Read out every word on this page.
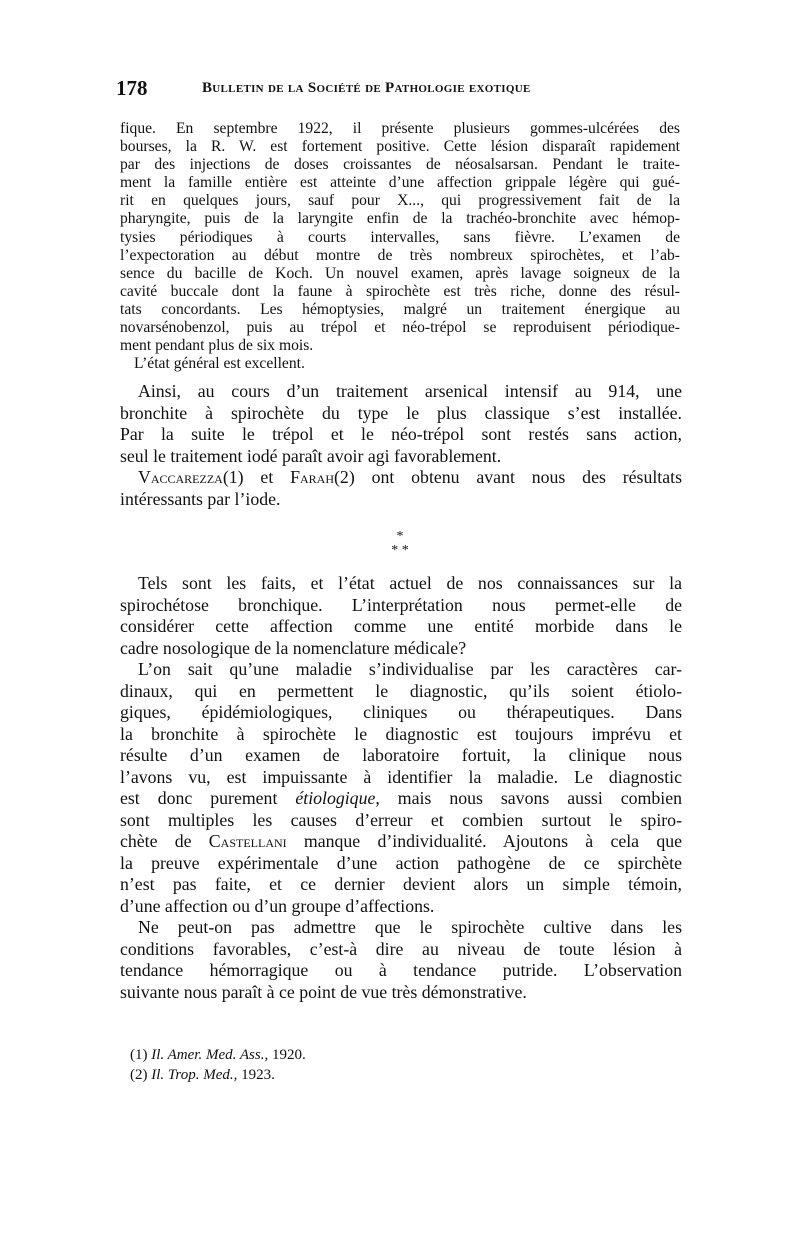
178	Bulletin de la Société de Pathologie exotique
fique. En septembre 1922, il présente plusieurs gommes-ulcérées des
bourses, la R. W. est fortement positive. Cette lésion disparaît rapidement
par des injections de doses croissantes de néosalsarsan. Pendant le traite-
ment la famille entière est atteinte d’une affection grippale légère qui gué-
rit en quelques jours, sauf pour X..., qui progressivement fait de la
pharyngite, puis de la laryngite enfin de la trachéo-bronchite avec hémop-
tysies périodiques à courts intervalles, sans fièvre. L’examen de
l’expectoration au début montre de très nombreux spirochètes, et l’ab-
sence du bacille de Koch. Un nouvel examen, après lavage soigneux de la
cavité buccale dont la faune à spirochète est très riche, donne des résul-
tats concordants. Les hémoptysies, malgré un traitement énergique au
novarsénobenzol, puis au trépol et néo-trépol se reproduisent périodique-
ment pendant plus de six mois.
L’état général est excellent.
Ainsi, au cours d’un traitement arsenical intensif au 914, une
bronchite à spirochète du type le plus classique s’est installée.
Par la suite le trépol et le néo-trépol sont restés sans action,
seul le traitement iodé paraît avoir agi favorablement.
Vaccarezza(1) et Farah(2) ont obtenu avant nous des résultats
intéressants par l’iode.
*
* *
Tels sont les faits, et l’état actuel de nos connaissances sur la
spirochétose bronchique. L’interprétation nous permet-elle de
considérer cette affection comme une entité morbide dans le
cadre nosologique de la nomenclature médicale?
L’on sait qu’une maladie s’individualise par les caractères car-
dinaux, qui en permettent le diagnostic, qu’ils soient étiolo-
giques, épidémiologiques, cliniques ou thérapeutiques. Dans
la bronchite à spirochète le diagnostic est toujours imprévu et
résulte d’un examen de laboratoire fortuit, la clinique nous
l’avons vu, est impuissante à identifier la maladie. Le diagnostic
est donc purement étiologique, mais nous savons aussi combien
sont multiples les causes d’erreur et combien surtout le spiro-
chète de Castellani manque d’individualité. Ajoutons à cela que
la preuve expérimentale d’une action pathogène de ce spirchète
n’est pas faite, et ce dernier devient alors un simple témoin,
d’une affection ou d’un groupe d’affections.
Ne peut-on pas admettre que le spirochète cultive dans les
conditions favorables, c’est-à dire au niveau de toute lésion à
tendance hémorragique ou à tendance putride. L’observation
suivante nous paraît à ce point de vue très démonstrative.
(1) Il. Amer. Med. Ass., 1920.
(2) Il. Trop. Med., 1923.
